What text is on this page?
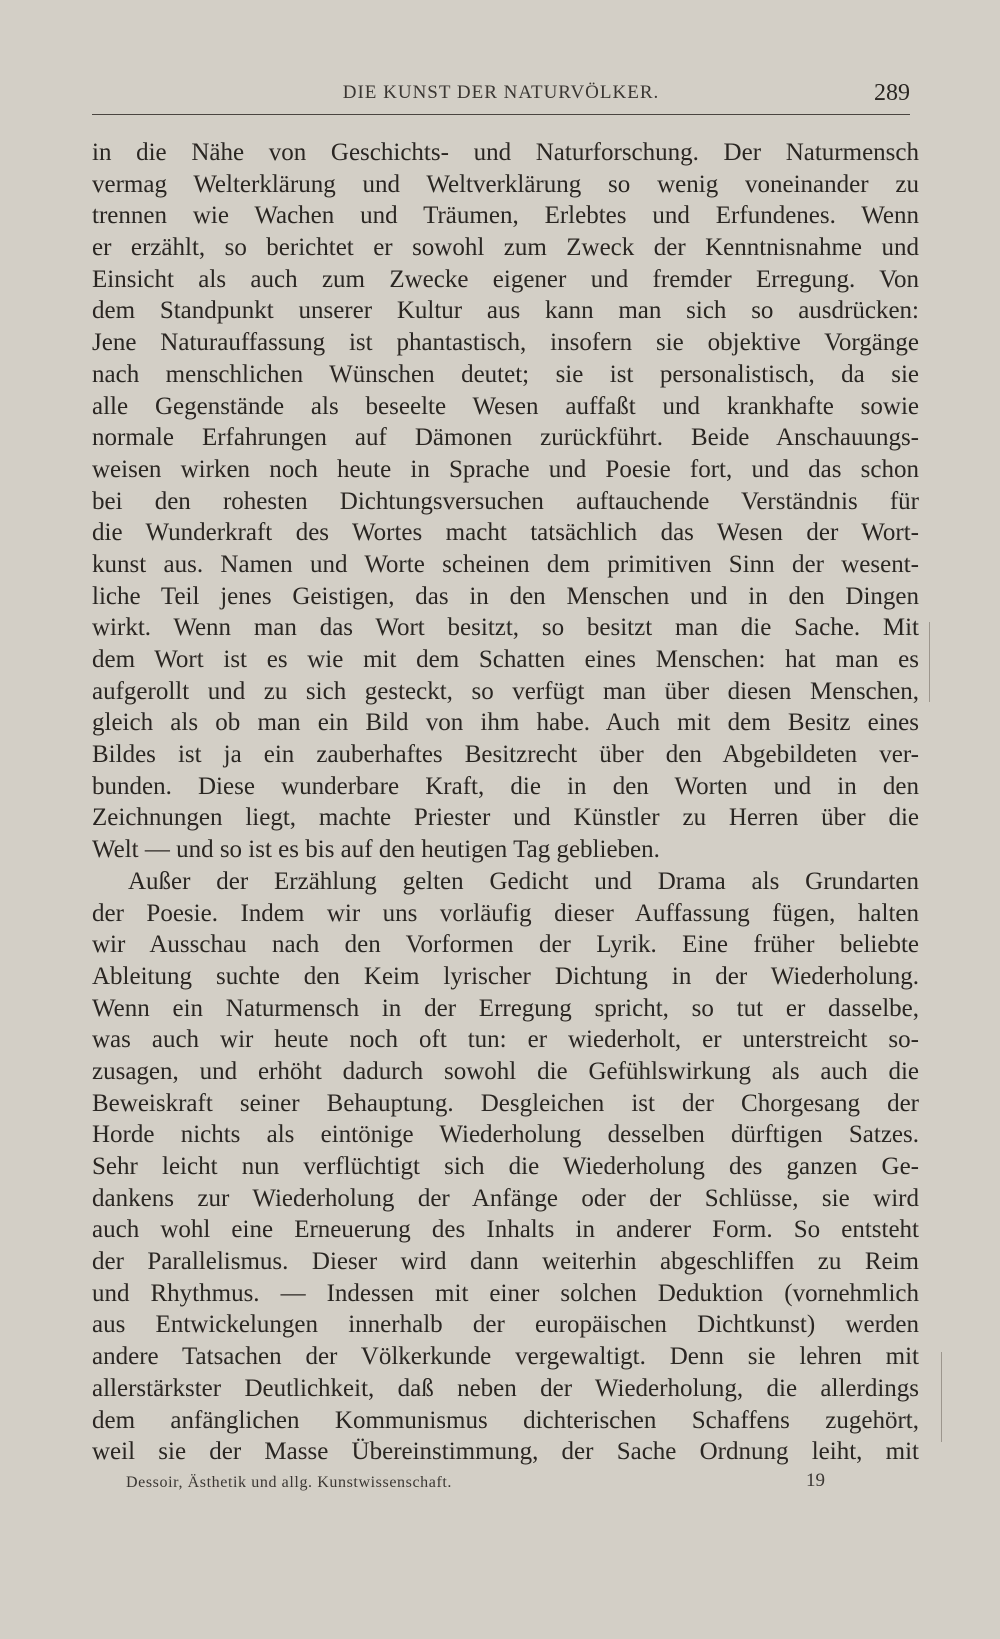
DIE KUNST DER NATURVÖLKER.	289
in die Nähe von Geschichts- und Naturforschung. Der Naturmensch
vermag Welterklärung und Weltverklärung so wenig voneinander zu
trennen wie Wachen und Träumen, Erlebtes und Erfundenes. Wenn
er erzählt, so berichtet er sowohl zum Zweck der Kenntnisnahme und
Einsicht als auch zum Zwecke eigener und fremder Erregung. Von
dem Standpunkt unserer Kultur aus kann man sich so ausdrücken:
Jene Naturauffassung ist phantastisch, insofern sie objektive Vorgänge
nach menschlichen Wünschen deutet; sie ist personalistisch, da sie
alle Gegenstände als beseelte Wesen auffaßt und krankhafte sowie
normale Erfahrungen auf Dämonen zurückführt. Beide Anschauungs-
weisen wirken noch heute in Sprache und Poesie fort, und das schon
bei den rohesten Dichtungsversuchen auftauchende Verständnis für
die Wunderkraft des Wortes macht tatsächlich das Wesen der Wort-
kunst aus. Namen und Worte scheinen dem primitiven Sinn der wesent-
liche Teil jenes Geistigen, das in den Menschen und in den Dingen
wirkt. Wenn man das Wort besitzt, so besitzt man die Sache. Mit
dem Wort ist es wie mit dem Schatten eines Menschen: hat man es
aufgerollt und zu sich gesteckt, so verfügt man über diesen Menschen,
gleich als ob man ein Bild von ihm habe. Auch mit dem Besitz eines
Bildes ist ja ein zauberhaftes Besitzrecht über den Abgebildeten ver-
bunden. Diese wunderbare Kraft, die in den Worten und in den
Zeichnungen liegt, machte Priester und Künstler zu Herren über die
Welt — und so ist es bis auf den heutigen Tag geblieben.
Außer der Erzählung gelten Gedicht und Drama als Grundarten
der Poesie. Indem wir uns vorläufig dieser Auffassung fügen, halten
wir Ausschau nach den Vorformen der Lyrik. Eine früher beliebte
Ableitung suchte den Keim lyrischer Dichtung in der Wiederholung.
Wenn ein Naturmensch in der Erregung spricht, so tut er dasselbe,
was auch wir heute noch oft tun: er wiederholt, er unterstreicht so-
zusagen, und erhöht dadurch sowohl die Gefühlswirkung als auch die
Beweiskraft seiner Behauptung. Desgleichen ist der Chorgesang der
Horde nichts als eintönige Wiederholung desselben dürftigen Satzes.
Sehr leicht nun verflüchtigt sich die Wiederholung des ganzen Ge-
dankens zur Wiederholung der Anfänge oder der Schlüsse, sie wird
auch wohl eine Erneuerung des Inhalts in anderer Form. So entsteht
der Parallelismus. Dieser wird dann weiterhin abgeschliffen zu Reim
und Rhythmus. — Indessen mit einer solchen Deduktion (vornehmlich
aus Entwickelungen innerhalb der europäischen Dichtkunst) werden
andere Tatsachen der Völkerkunde vergewaltigt. Denn sie lehren mit
allerstärkster Deutlichkeit, daß neben der Wiederholung, die allerdings
dem anfänglichen Kommunismus dichterischen Schaffens zugehört,
weil sie der Masse Übereinstimmung, der Sache Ordnung leiht, mit
Dessoir, Ästhetik und allg. Kunstwissenschaft.	19
